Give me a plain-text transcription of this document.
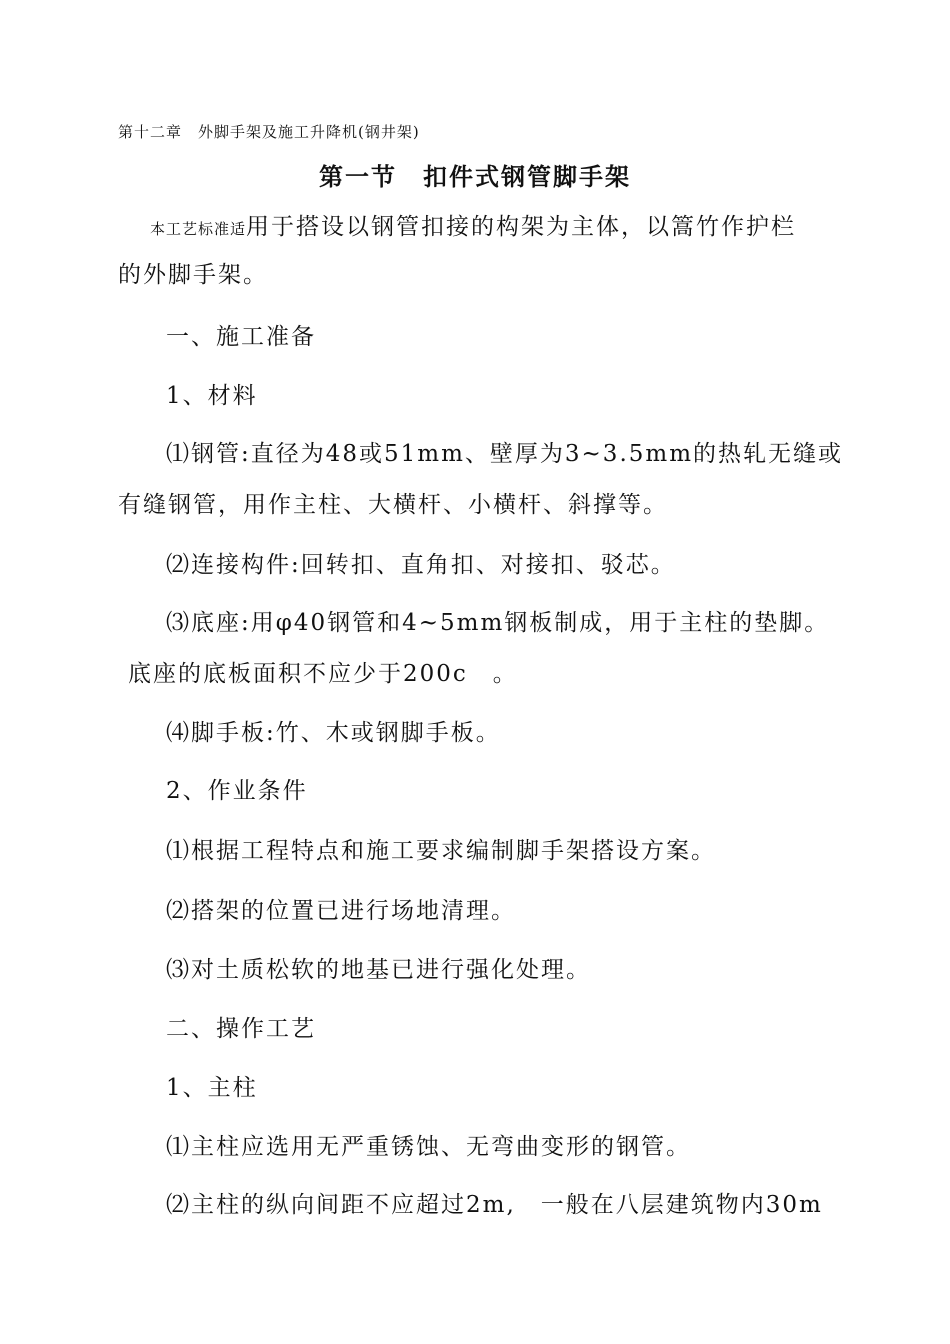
第十二章　外脚手架及施工升降机(钢井架)

第一节　扣件式钢管脚手架

本工艺标准适用于搭设以钢管扣接的构架为主体，以篙竹作护栏

的外脚手架。

一、施工准备

1、材料

⑴钢管:直径为48或51mm、壁厚为3~3.5mm的热轧无缝或

有缝钢管，用作主柱、大横杆、小横杆、斜撑等。

⑵连接构件:回转扣、直角扣、对接扣、驳芯。

⑶底座:用φ40钢管和4~5mm钢板制成，用于主柱的垫脚。

底座的底板面积不应少于200c　。

⑷脚手板:竹、木或钢脚手板。

2、作业条件

⑴根据工程特点和施工要求编制脚手架搭设方案。

⑵搭架的位置已进行场地清理。

⑶对土质松软的地基已进行强化处理。

二、操作工艺

1、主柱

⑴主柱应选用无严重锈蚀、无弯曲变形的钢管。

⑵主柱的纵向间距不应超过2m,　一般在八层建筑物内30m
